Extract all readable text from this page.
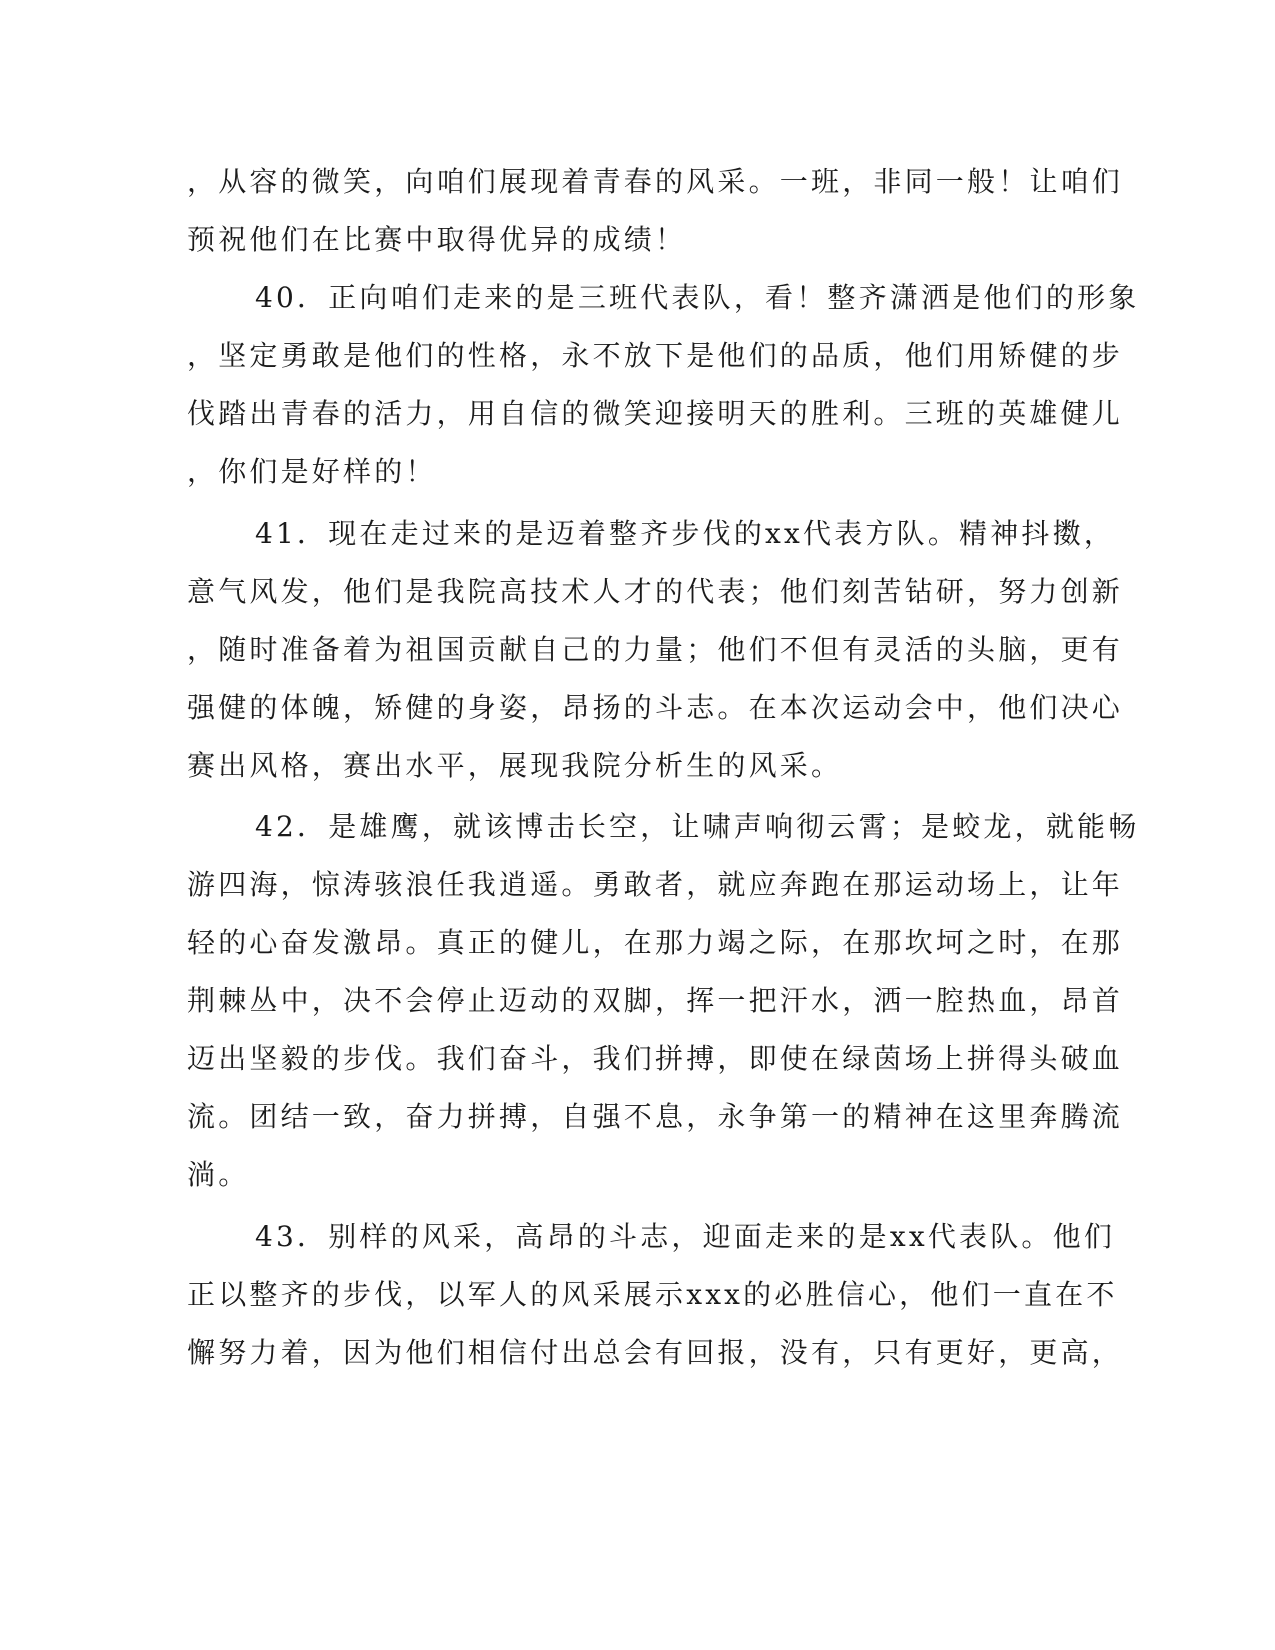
，从容的微笑，向咱们展现着青春的风采。一班，非同一般！让咱们
预祝他们在比赛中取得优异的成绩！
40．正向咱们走来的是三班代表队，看！整齐潇洒是他们的形象
，坚定勇敢是他们的性格，永不放下是他们的品质，他们用矫健的步
伐踏出青春的活力，用自信的微笑迎接明天的胜利。三班的英雄健儿
，你们是好样的！
41．现在走过来的是迈着整齐步伐的xx代表方队。精神抖擞，
意气风发，他们是我院高技术人才的代表；他们刻苦钻研，努力创新
，随时准备着为祖国贡献自己的力量；他们不但有灵活的头脑，更有
强健的体魄，矫健的身姿，昂扬的斗志。在本次运动会中，他们决心
赛出风格，赛出水平，展现我院分析生的风采。
42．是雄鹰，就该博击长空，让啸声响彻云霄；是蛟龙，就能畅
游四海，惊涛骇浪任我逍遥。勇敢者，就应奔跑在那运动场上，让年
轻的心奋发激昂。真正的健儿，在那力竭之际，在那坎坷之时，在那
荆棘丛中，决不会停止迈动的双脚，挥一把汗水，洒一腔热血，昂首
迈出坚毅的步伐。我们奋斗，我们拼搏，即使在绿茵场上拼得头破血
流。团结一致，奋力拼搏，自强不息，永争第一的精神在这里奔腾流
淌。
43．别样的风采，高昂的斗志，迎面走来的是xx代表队。他们
正以整齐的步伐，以军人的风采展示xxx的必胜信心，他们一直在不
懈努力着，因为他们相信付出总会有回报，没有，只有更好，更高，
